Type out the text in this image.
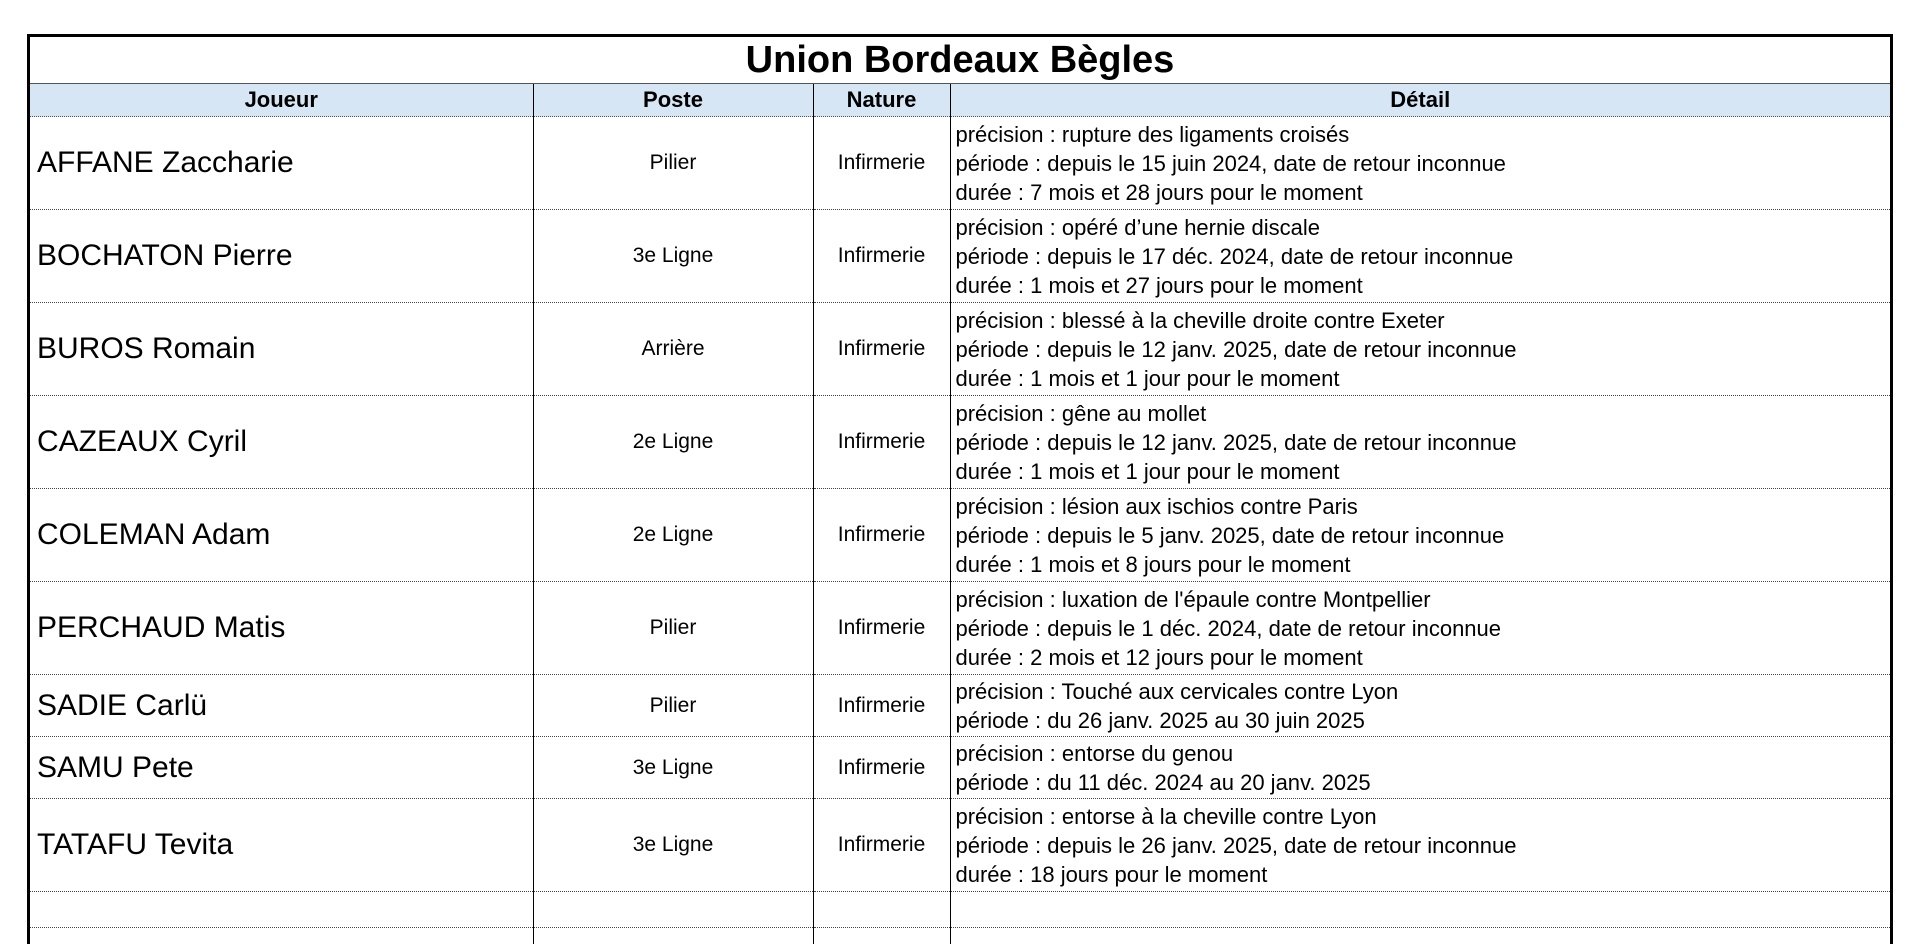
Union Bordeaux Bègles
Joueur	Poste	Nature	Détail
AFFANE Zaccharie	Pilier	Infirmerie	précision : rupture des ligaments croisés
période : depuis le 15 juin 2024, date de retour inconnue
durée : 7 mois et 28 jours pour le moment

BOCHATON Pierre	3e Ligne	Infirmerie	précision : opéré d’une hernie discale
période : depuis le 17 déc. 2024, date de retour inconnue
durée : 1 mois et 27 jours pour le moment

BUROS Romain	Arrière	Infirmerie	précision : blessé à la cheville droite contre Exeter
période : depuis le 12 janv. 2025, date de retour inconnue
durée : 1 mois et 1 jour pour le moment

CAZEAUX Cyril	2e Ligne	Infirmerie	précision : gêne au mollet
période : depuis le 12 janv. 2025, date de retour inconnue
durée : 1 mois et 1 jour pour le moment

COLEMAN Adam	2e Ligne	Infirmerie	précision : lésion aux ischios contre Paris
période : depuis le 5 janv. 2025, date de retour inconnue
durée : 1 mois et 8 jours pour le moment

PERCHAUD Matis	Pilier	Infirmerie	précision : luxation de l'épaule contre Montpellier
période : depuis le 1 déc. 2024, date de retour inconnue
durée : 2 mois et 12 jours pour le moment

SADIE Carlü	Pilier	Infirmerie	précision : Touché aux cervicales contre Lyon
période : du 26 janv. 2025 au 30 juin 2025

SAMU Pete	3e Ligne	Infirmerie	précision : entorse du genou
période : du 11 déc. 2024 au 20 janv. 2025

TATAFU Tevita	3e Ligne	Infirmerie	précision : entorse à la cheville contre Lyon
période : depuis le 26 janv. 2025, date de retour inconnue
durée : 18 jours pour le moment
